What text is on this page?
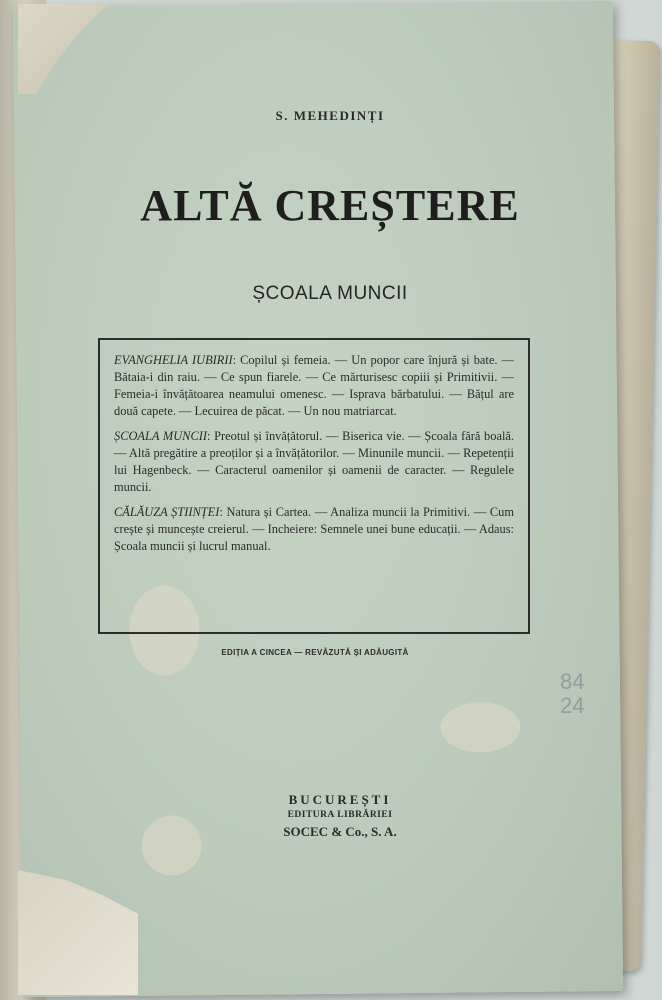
S. MEHEDINȚI
ALTĂ CREȘTERE
ȘCOALA MUNCII

EVANGHELIA IUBIRII: Copilul și femeia. — Un popor care înjură și bate. — Bătaia-i din raiu. — Ce spun fiarele. — Ce mărturisesc copiii și Primitivii. — Femeia-i învățătoarea neamului omenesc. — Isprava bărbatului. — Bățul are două capete. — Lecuirea de păcat. — Un nou matriarcat.

ȘCOALA MUNCII: Preotul și învățătorul. — Biserica vie. — Școala fără boală. — Altă pregătire a preoților și a învățătorilor. — Minunile muncii. — Repetenții lui Hagenbeck. — Caracterul oamenilor și oamenii de caracter. — Regulele muncii.

CĂLĂUZA ȘTIINȚEI: Natura și Cartea. — Analiza muncii la Primitivi. — Cum crește și muncește creierul. — Incheiere: Semnele unei bune educații. — Adaus: Școala muncii și lucrul manual.

EDIȚIA A CINCEA — REVĂZUTĂ ȘI ADĂUGITĂ
84
24
BUCUREȘTI
EDITURA LIBRĂRIEI
SOCEC & Co., S. A.
